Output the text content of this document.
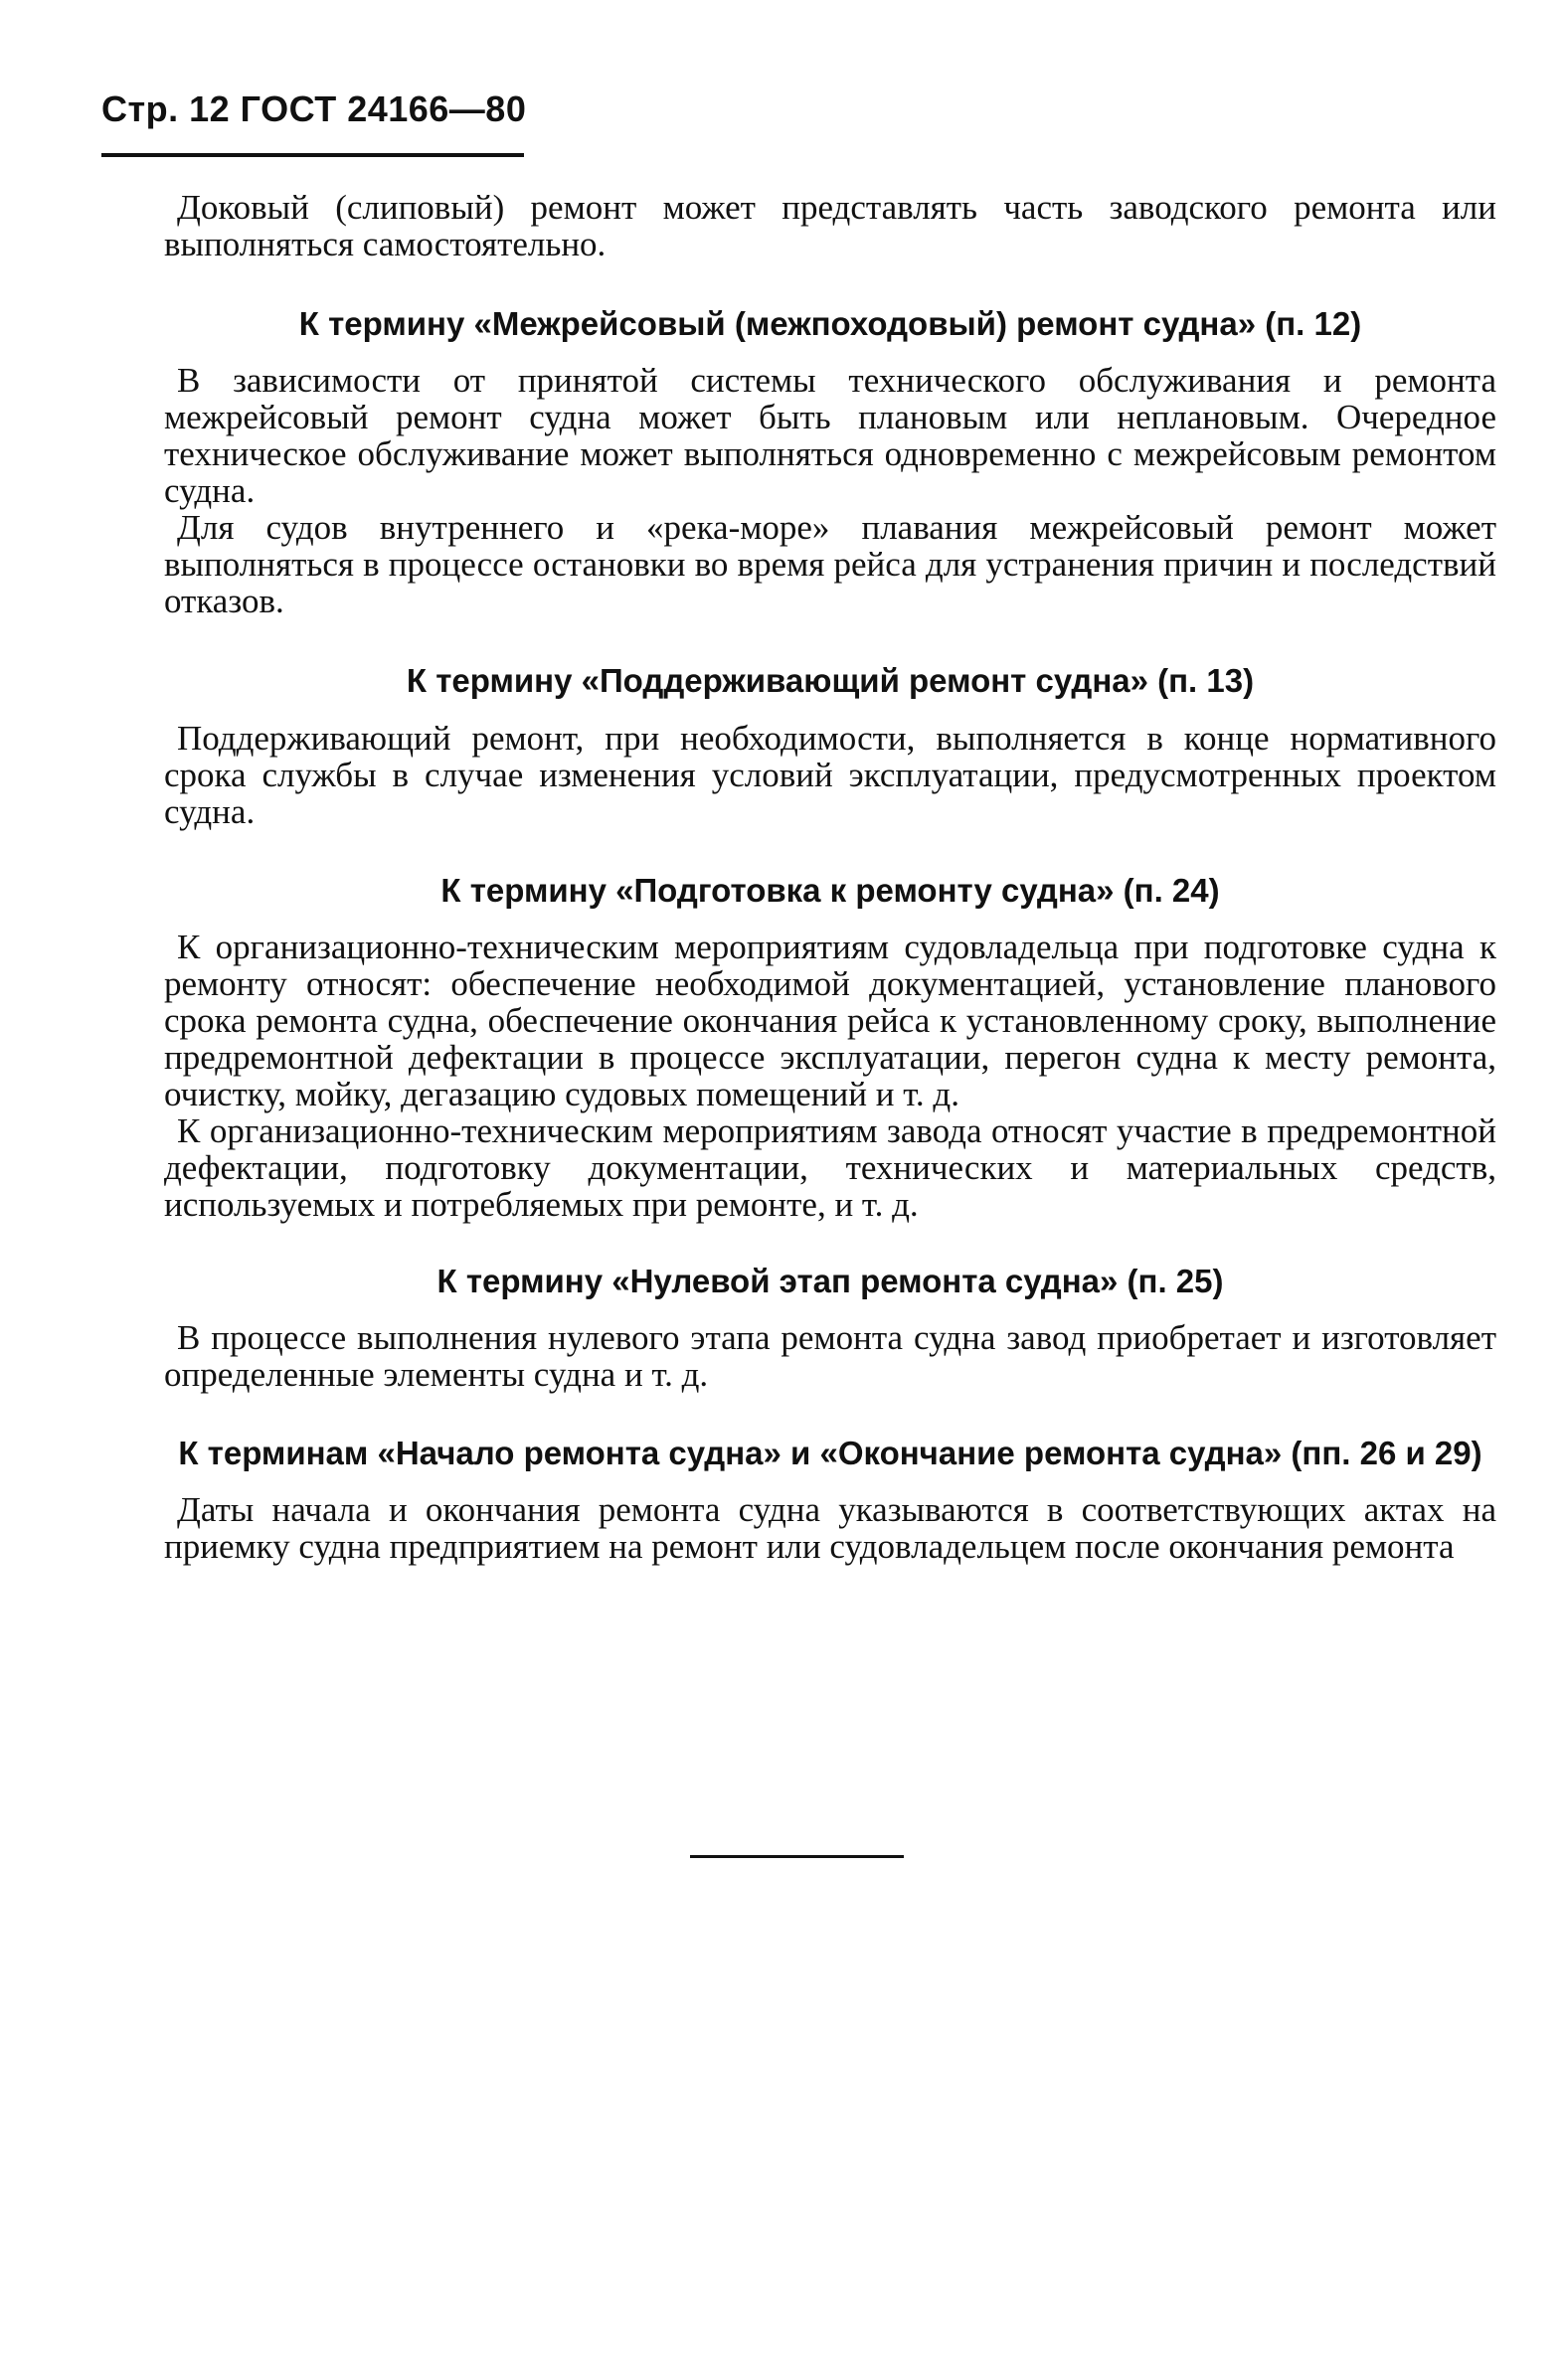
Стр. 12 ГОСТ 24166—80

Доковый (слиповый) ремонт может представлять часть заводского ремонта или выполняться самостоятельно.

К термину «Межрейсовый (межпоходовый) ремонт судна» (п. 12)

В зависимости от принятой системы технического обслуживания и ремонта межрейсовый ремонт судна может быть плановым или неплановым. Очередное техническое обслуживание может выполняться одновременно с межрейсовым ремонтом судна.

Для судов внутреннего и «река-море» плавания межрейсовый ремонт может выполняться в процессе остановки во время рейса для устранения причин и последствий отказов.

К термину «Поддерживающий ремонт судна» (п. 13)

Поддерживающий ремонт, при необходимости, выполняется в конце нормативного срока службы в случае изменения условий эксплуатации, предусмотренных проектом судна.

К термину «Подготовка к ремонту судна» (п. 24)

К организационно-техническим мероприятиям судовладельца при подготовке судна к ремонту относят: обеспечение необходимой документацией, установление планового срока ремонта судна, обеспечение окончания рейса к установленному сроку, выполнение предремонтной дефектации в процессе эксплуатации, перегон судна к месту ремонта, очистку, мойку, дегазацию судовых помещений и т. д.

К организационно-техническим мероприятиям завода относят участие в предремонтной дефектации, подготовку документации, технических и материальных средств, используемых и потребляемых при ремонте, и т. д.

К термину «Нулевой этап ремонта судна» (п. 25)

В процессе выполнения нулевого этапа ремонта судна завод приобретает и изготовляет определенные элементы судна и т. д.

К терминам «Начало ремонта судна» и «Окончание ремонта судна» (пп. 26 и 29)

Даты начала и окончания ремонта судна указываются в соответствующих актах на приемку судна предприятием на ремонт или судовладельцем после окончания ремонта
